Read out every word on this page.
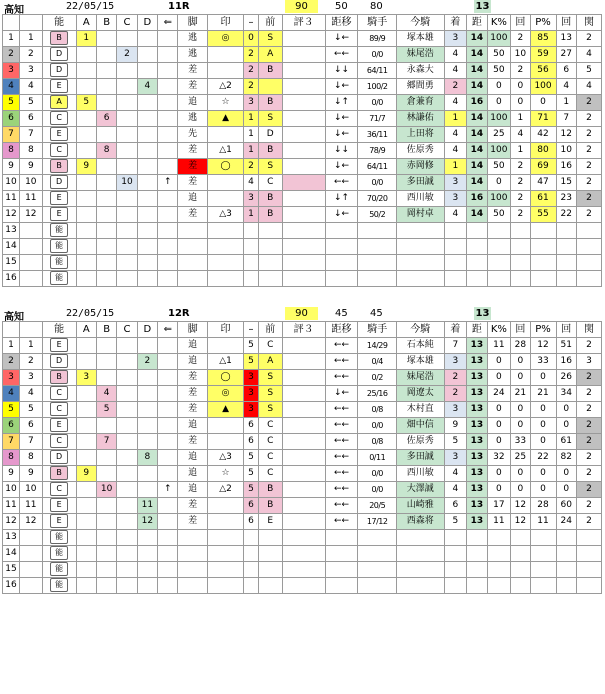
高知	22/05/15	11R	90	50 80	13
		能	A	B	C	D	⇐	脚	印	–	前	評３	距移	騎手	今騎	着	距	K%	回	P%	回	関
1	1	B	1					逃	◎	0	S		↓←	89/9	塚本雄	3	14	100	2	85	13	2
2	2	D			2			逃		2	A		←←	0/0	妹尾浩	4	14	50	10	59	27	4
3	3	D						差		2	B		↓↓	64/11	永森大	4	14	50	2	56	6	5
4	4	E				4		差	△2	2			↓←	100/2	郷間勇	2	14	0	0	100	4	4
5	5	A	5					追	☆	3	B		↓↑	0/0	倉兼育	4	16	0	0	0	1	2
6	6	C		6				逃	▲	1	S		↓←	71/7	林謙佑	1	14	100	1	71	7	2
7	7	E						先		1	D		↓←	36/11	上田将	4	14	25	4	42	12	2
8	8	C		8				差	△1	1	B		↓↓	78/9	佐原秀	4	14	100	1	80	10	2
9	9	B	9					差	◯	2	S		↓←	64/11	赤岡修	1	14	50	2	69	16	2
10	10	D			10		↑	差		4	C		←←	0/0	多田誠	3	14	0	2	47	15	2
11	11	E						追		3	B		↓↑	70/20	西川敏	3	16	100	2	61	23	2
12	12	E						差	△3	1	B		↓←	50/2	岡村卓	4	14	50	2	55	22	2
13		能																				
14		能																				
15		能																				
16		能																				
高知	22/05/15	12R	90	45 45	13
		能	A	B	C	D	⇐	脚	印	–	前	評３	距移	騎手	今騎	着	距	K%	回	P%	回	関
1	1	E						追		5	C		←←	14/29	石本純	7	13	11	28	12	51	2
2	2	D				2		追	△1	5	A		←←	0/4	塚本雄	3	13	0	0	33	16	3
3	3	B	3					差	◯	3	S		←←	0/2	妹尾浩	2	13	0	0	0	26	2
4	4	C		4				差	◎	3	S		↓←	25/16	岡遼太	2	13	24	21	21	34	2
5	5	C		5				差	▲	3	S		←←	0/8	木村直	3	13	0	0	0	0	2
6	6	E						追		6	C		←←	0/0	畑中信	9	13	0	0	0	0	2
7	7	C		7				差		6	C		←←	0/8	佐原秀	5	13	0	33	0	61	2
8	8	D				8		追	△3	5	C		←←	0/11	多田誠	3	13	32	25	22	82	2
9	9	B	9					追	☆	5	C		←←	0/0	西川敏	4	13	0	0	0	0	2
10	10	C		10			↑	追	△2	5	B		←←	0/0	大澤誠	4	13	0	0	0	0	2
11	11	E				11		差		6	B		←←	20/5	山崎雅	6	13	17	12	28	60	2
12	12	E				12		差		6	E		←←	17/12	西森将	5	13	11	12	11	24	2
13		能																				
14		能																				
15		能																				
16		能																				
